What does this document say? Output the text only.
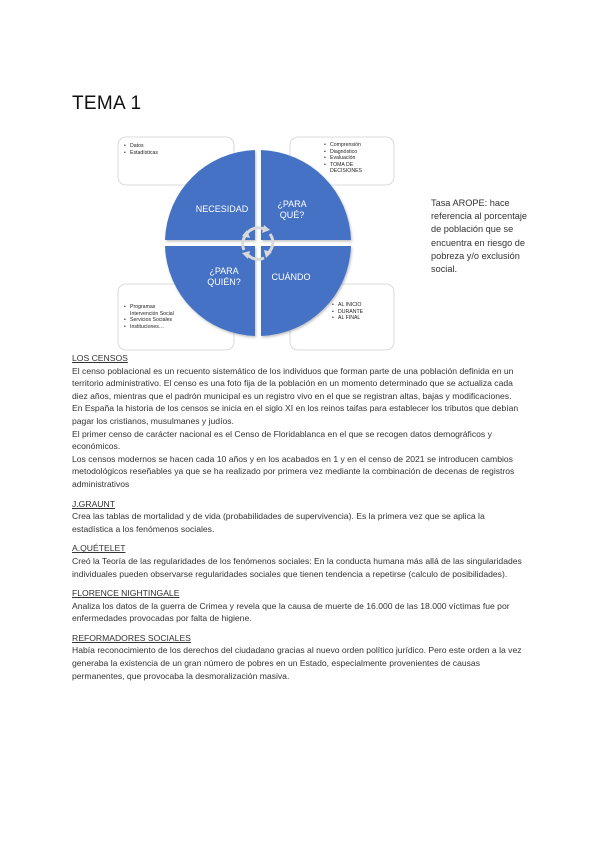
TEMA 1
• Datos
• Estadísticas
• Comprensión
• Diagnóstico
• Evaluación
• TOMA DE DECISIONES
• Programas Intervención Social
• Servicios Sociales
• Instituciones…
• AL INICIO
• DURANTE
• AL FINAL
NECESIDAD	¿PARA QUÉ?
¿PARA QUIÉN?	CUÁNDO
Tasa AROPE: hace referencia al porcentaje de población que se encuentra en riesgo de pobreza y/o exclusión social.
LOS CENSOS

El censo poblacional es un recuento sistemático de los individuos que forman parte de una población definida en un territorio administrativo. El censo es una foto fija de la población en un momento determinado que se actualiza cada diez años, mientras que el padrón municipal es un registro vivo en el que se registran altas, bajas y modificaciones.

En España la historia de los censos se inicia en el siglo XI en los reinos taifas para establecer los tributos que debían pagar los cristianos, musulmanes y judíos.

El primer censo de carácter nacional es el Censo de Floridablanca en el que se recogen datos demográficos y económicos.

Los censos modernos se hacen cada 10 años y en los acabados en 1 y en el censo de 2021 se introducen cambios metodológicos reseñables ya que se ha realizado por primera vez mediante la combinación de decenas de registros administrativos

J.GRAUNT

Crea las tablas de mortalidad y de vida (probabilidades de supervivencia). Es la primera vez que se aplica la estadística a los fenómenos sociales.

A.QUÉTELET

Creó la Teoría de las regularidades de los fenómenos sociales: En la conducta humana más allá de las singularidades individuales pueden observarse regularidades sociales que tienen tendencia a repetirse (calculo de posibilidades).

FLORENCE NIGHTINGALE

Analiza los datos de la guerra de Crimea y revela que la causa de muerte de 16.000 de las 18.000 víctimas fue por enfermedades provocadas por falta de higiene.

REFORMADORES SOCIALES

Había reconocimiento de los derechos del ciudadano gracias al nuevo orden político jurídico. Pero este orden a la vez generaba la existencia de un gran número de pobres en un Estado, especialmente provenientes de causas permanentes, que provocaba la desmoralización masiva.
